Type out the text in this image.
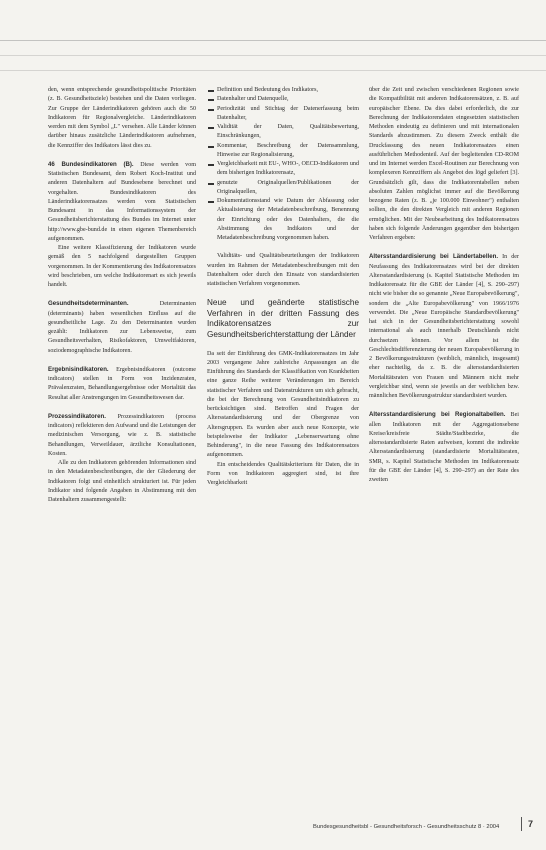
den, wenn entsprechende gesundheitspolitische Prioritäten (z. B. Gesundheitsziele) bestehen und die Daten vorliegen. Zur Gruppe der Länderindikatoren gehören auch die 50 Indikatoren für Regionalvergleiche. Länderindikatoren werden mit dem Symbol „L" versehen. Alle Länder können darüber hinaus zusätzliche Länderindikatoren aufnehmen, die Kennziffer des Indikators lässt dies zu.

46 Bundesindikatoren (B). Diese werden vom Statistischen Bundesamt, dem Robert Koch-Institut und anderen Datenhaltern auf Bundesebene berechnet und vorgehalten. Bundesindikatoren des Länderindikatorensatzes werden vom Statistischen Bundesamt in das Informationssystem der Gesundheitsberichterstattung des Bundes im Internet unter http://www.gbe-bund.de in einen eigenen Themenbereich aufgenommen.

Eine weitere Klassifizierung der Indikatoren wurde gemäß den 5 nachfolgend dargestellten Gruppen vorgenommen. In der Kommentierung des Indikatorensatzes wird beschrieben, um welche Indikatorenart es sich jeweils handelt.

Gesundheitsdeterminanten. Determinanten (determinants) haben wesentlichen Einfluss auf die gesundheitliche Lage. Zu den Determinanten wurden gezählt: Indikatoren zur Lebensweise, zum Gesundheitsverhalten, Risikofaktoren, Umweltfaktoren, soziodemographische Indikatoren.

Ergebnisindikatoren. Ergebnisindikatoren (outcome indicators) stellen in Form von Inzidenzraten, Prävalenzraten, Behandlungsergebnisse oder Mortalität das Resultat aller Anstrengungen im Gesundheitswesen dar.

Prozessindikatoren. Prozessindikatoren (process indicators) reflektieren den Aufwand und die Leistungen der medizinischen Versorgung, wie z. B. statistische Behandlungen, Verweildauer, ärztliche Konsultationen, Kosten.

Alle zu den Indikatoren gehörenden Informationen sind in den Metadatenbeschreibungen, die der Gliederung der Indikatoren folgt und einheitlich strukturiert ist. Für jeden Indikator sind folgende Angaben in Abstimmung mit den Datenhaltern zusammengestellt:

Definition und Bedeutung des Indikators,
Datenhalter und Datenquelle,
Periodizität und Stichtag der Datenerfassung beim Datenhalter,
Validität der Daten, Qualitätsbewertung, Einschränkungen,
Kommentar, Beschreibung der Datensammlung, Hinweise zur Regionalisierung,
Vergleichbarkeit mit EU-, WHO-, OECD-Indikatoren und dem bisherigen Indikatorensatz,
genutzte Originalquellen/Publikationen der Originalquellen,
Dokumentationsstand wie Datum der Abfassung oder Aktualisierung der Metadatenbeschreibung, Benennung der Einrichtung oder des Datenhalters, die die Abstimmung des Indikators und der Metadatenbeschreibung vorgenommen haben.

Validitäts- und Qualitätsbeurteilungen der Indikatoren wurden im Rahmen der Metadatenbeschreibungen mit den Datenhaltern oder durch den Einsatz von standardisierten statistischen Verfahren vorgenommen.

Neue und geänderte statistische Verfahren in der dritten Fassung des Indikatorensatzes zur Gesundheitsberichterstattung der Länder

Da seit der Einführung des GMK-Indikatorensatzes im Jahr 2003 vergangene Jahre zahlreiche Anpassungen an die Einführung des Standards der Klassifikation von Krankheiten eine ganze Reihe weiterer Veränderungen im Bereich statistischer Verfahren und Datenstrukturen um sich gebracht, die bei der Berechnung von Gesundheitsindikatoren zu berücksichtigen sind. Betroffen sind Fragen der Altersstandardisierung und der Obergrenze von Altersgruppen. Es wurden aber auch neue Konzepte, wie beispielsweise der Indikator „Lebenserwartung ohne Behinderung", in die neue Fassung des Indikatorensatzes aufgenommen.

Ein entscheidendes Qualitätskriterium für Daten, die in Form von Indikatoren aggregiert sind, ist ihre Vergleichbarkeit

über die Zeit und zwischen verschiedenen Regionen sowie die Kompatibilität mit anderen Indikatorensätzen, z. B. auf europäischer Ebene. Da dies dabei erforderlich, die zur Berechnung der Indikatorendaten eingesetzten statistischen Methoden eindeutig zu definieren und mit internationalen Standards abzustimmen. Zu diesem Zweck enthält die Druckfassung des neuen Indikatorensatzes einen ausführlichen Methodenteil. Auf der begleitenden CD-ROM und im Internet werden Excel-Routinen zur Berechnung von komplexeren Kennziffern als Angebot des lögd geliefert [3]. Grundsätzlich gilt, dass die Indikatorentabellen neben absoluten Zahlen möglichst immer auf die Bevölkerung bezogene Raten (z. B. „je 100.000 Einwohner") enthalten sollten, die den direkten Vergleich mit anderen Regionen ermöglichen. Mit der Neubearbeitung des Indikatorensatzes haben sich folgende Änderungen gegenüber den bisherigen Verfahren ergeben:

Altersstandardisierung bei Ländertabellen. In der Neufassung des Indikatorensatzes wird bei der direkten Altersstandardisierung (s. Kapitel Statistische Methoden im Indikatorensatz für die GBE der Länder [4], S. 290–297) nicht wie bisher die so genannte „Neue Europabevölkerung", sondern die „Alte Europabevölkerung" von 1966/1976 verwendet. Die „Neue Europäische Standardbevölkerung" hat sich in der Gesundheitsberichterstattung sowohl international als auch innerhalb Deutschlands nicht durchsetzen können. Vor allem ist die Geschlechtsdifferenzierung der neuen Europabevölkerung in 2 Bevölkerungsstrukturen (weiblich, männlich, insgesamt) eher nachteilig, da z. B. die altersstandardisierten Mortalitätsraten von Frauen und Männern nicht mehr vergleichbar sind, wenn sie jeweils an der weiblichen bzw. männlichen Bevölkerungsstruktur standardisiert wurden.

Altersstandardisierung bei Regionaltabellen. Bei allen Indikatoren mit der Aggregationsebene Kreise/kreisfreie Städte/Stadtbezirke, die altersstandardisierte Raten aufweisen, kommt die indirekte Altersstandardisierung (standardisierte Mortalitätsraten, SMR, s. Kapitel Statistische Methoden im Indikatorensatz für die GBE der Länder [4], S. 290–297) an der Rate des zweiten

Bundesgesundheitsbl - Gesundheitsforsch - Gesundheitsschutz 8 · 2004	7
